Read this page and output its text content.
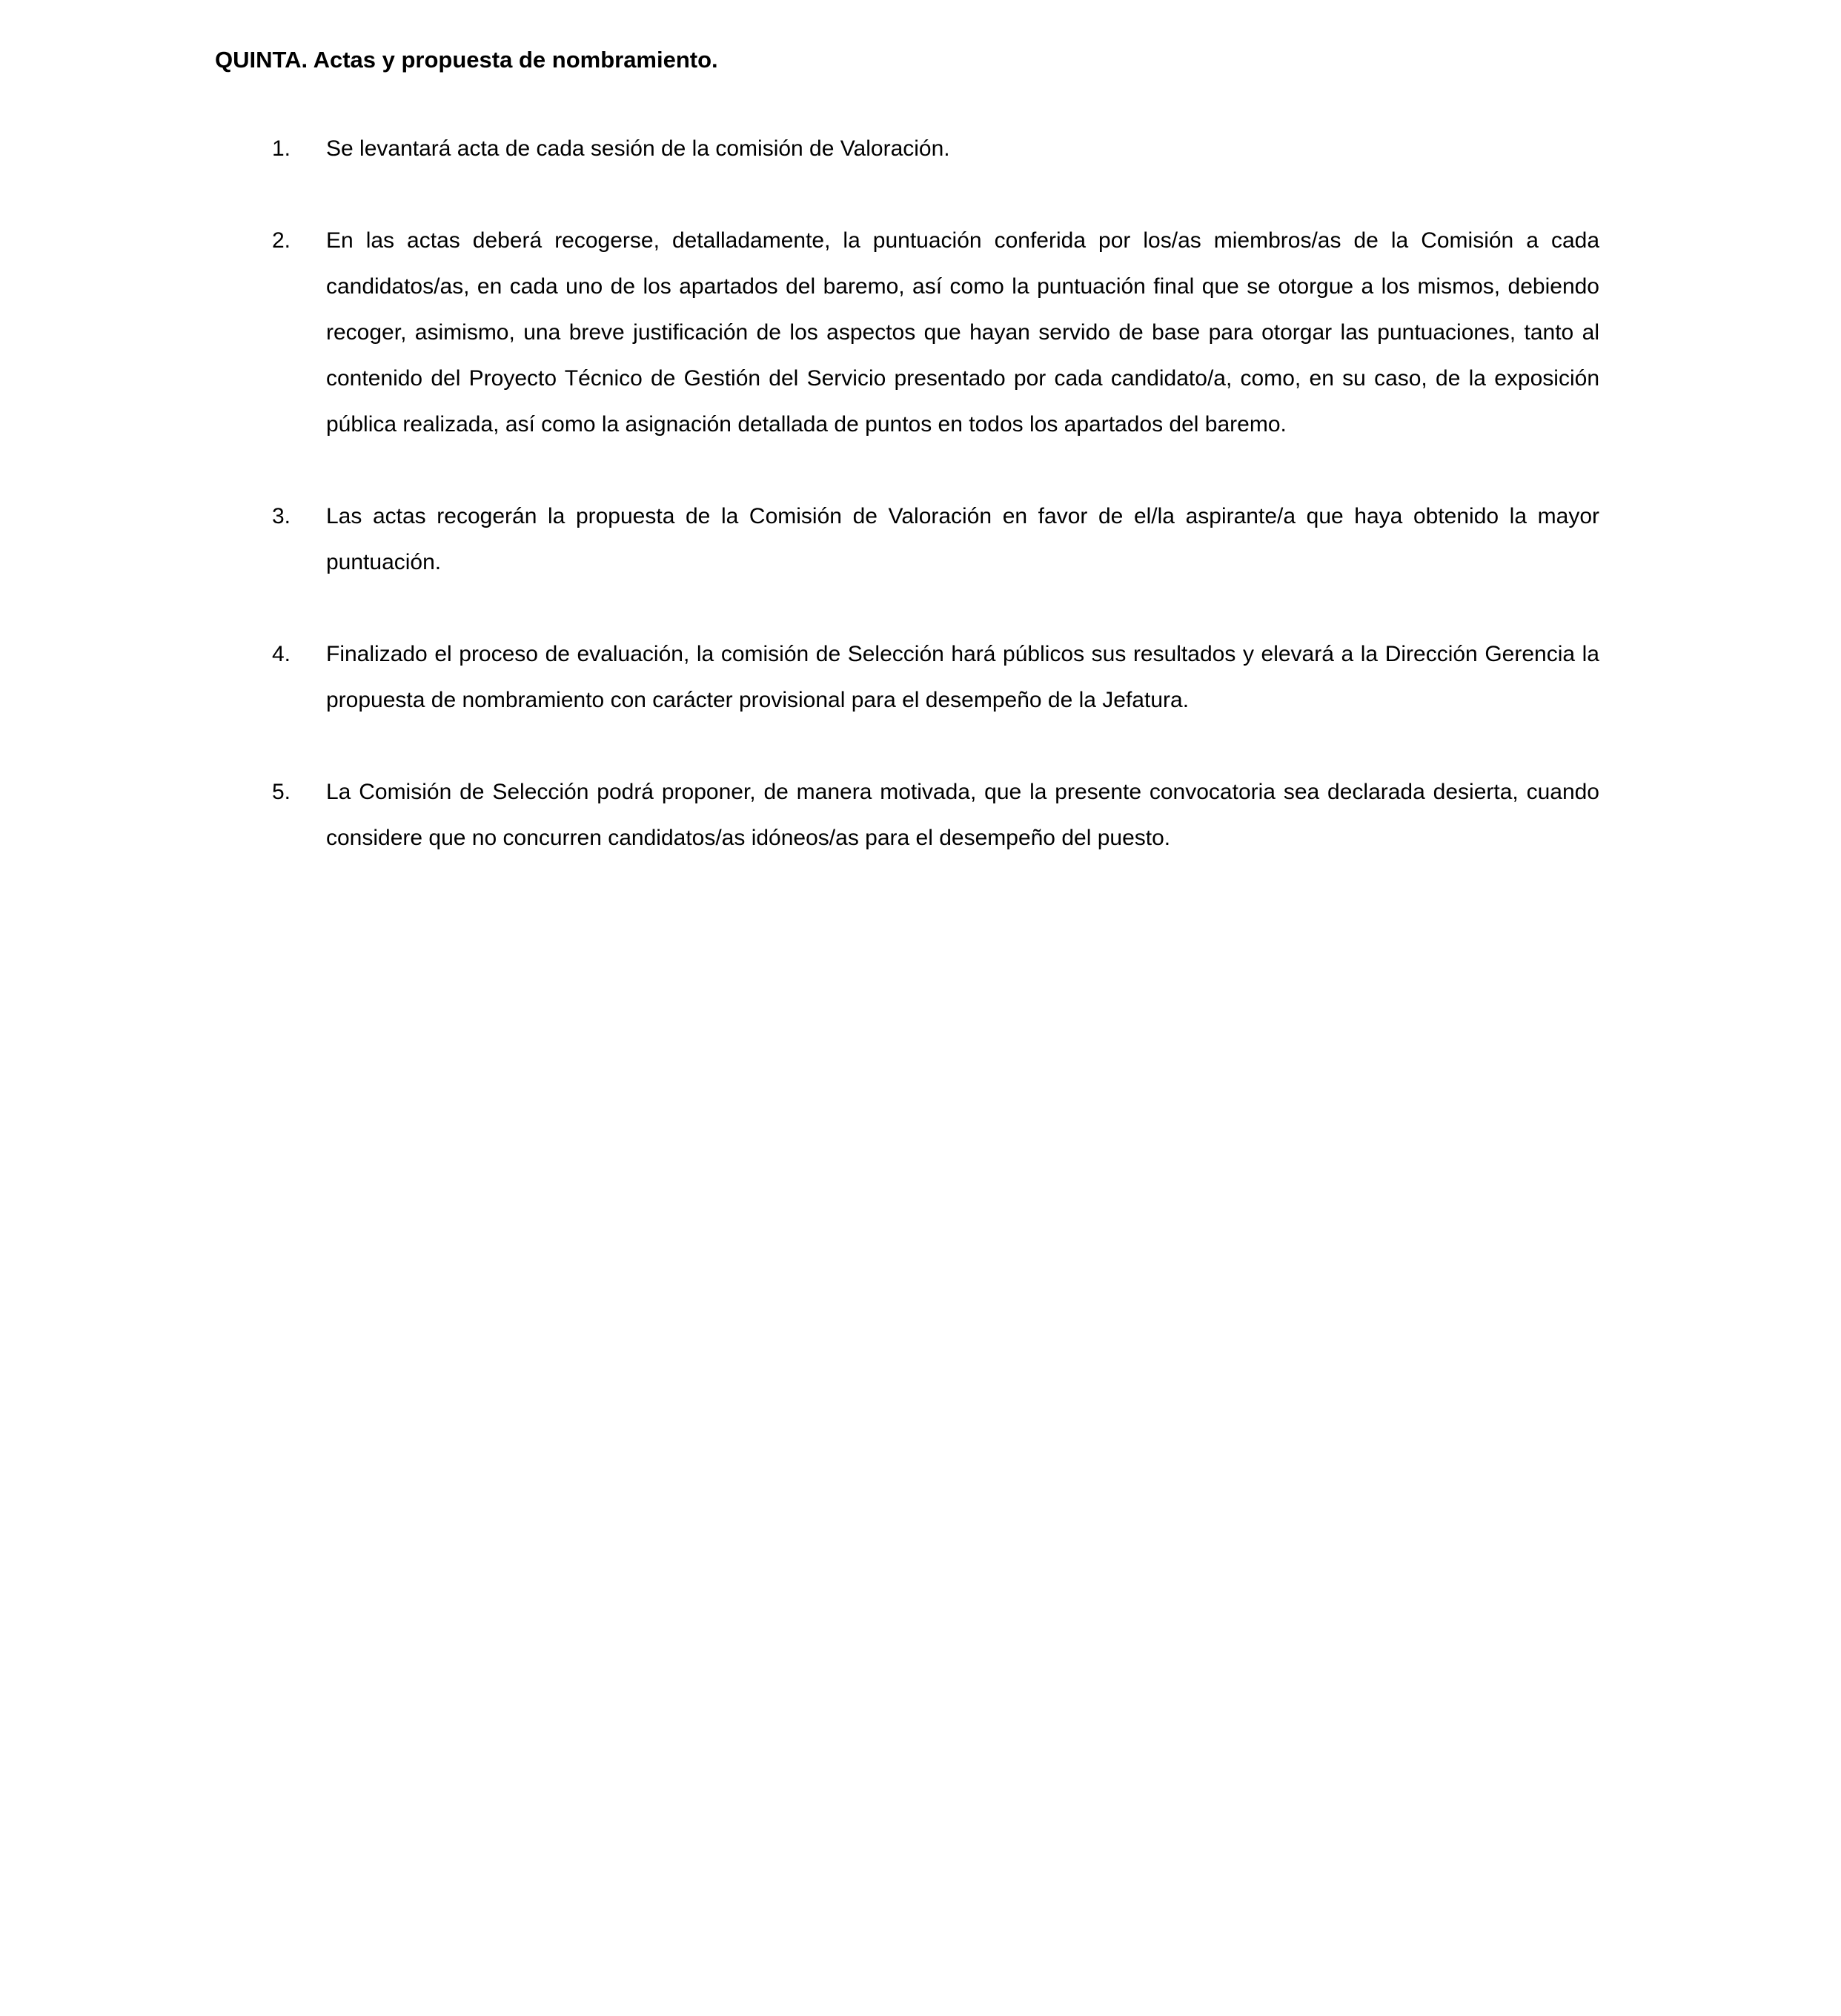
QUINTA. Actas y propuesta de nombramiento.
1.	Se levantará acta de cada sesión de la comisión de Valoración.
2.	En las actas deberá recogerse, detalladamente, la puntuación conferida por los/as miembros/as de la Comisión a cada candidatos/as, en cada uno de los apartados del baremo, así como la puntuación final que se otorgue a los mismos, debiendo recoger, asimismo, una breve justificación de los aspectos que hayan servido de base para otorgar las puntuaciones, tanto al contenido del Proyecto Técnico de Gestión del Servicio presentado por cada candidato/a, como, en su caso, de la exposición pública realizada, así como la asignación detallada de puntos en todos los apartados del baremo.
3.	Las actas recogerán la propuesta de la Comisión de Valoración en favor de el/la aspirante/a que haya obtenido la mayor puntuación.
4.	Finalizado el proceso de evaluación, la comisión de Selección hará públicos sus resultados y elevará a la Dirección Gerencia la propuesta de nombramiento con carácter provisional para el desempeño de la Jefatura.
5.	La Comisión de Selección podrá proponer, de manera motivada, que la presente convocatoria sea declarada desierta, cuando considere que no concurren candidatos/as idóneos/as para el desempeño del puesto.
